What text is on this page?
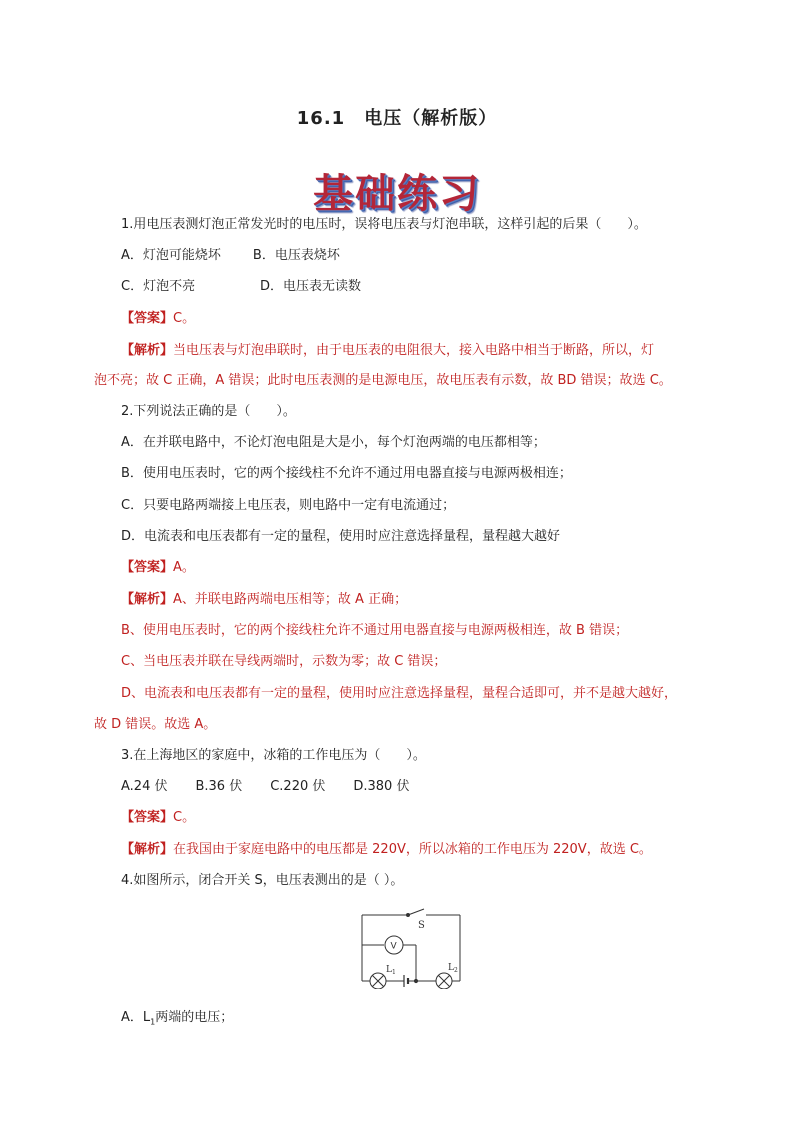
16.1　电压（解析版）
基础练习
1.用电压表测灯泡正常发光时的电压时，误将电压表与灯泡串联，这样引起的后果（　　）。
A．灯泡可能烧坏 B．电压表烧坏
C．灯泡不亮	D．电压表无读数
【答案】C。
【解析】当电压表与灯泡串联时，由于电压表的电阻很大，接入电路中相当于断路，所以，灯
泡不亮；故 C 正确，A 错误；此时电压表测的是电源电压，故电压表有示数，故 BD 错误；故选 C。
2.下列说法正确的是（　　）。
A．在并联电路中，不论灯泡电阻是大是小，每个灯泡两端的电压都相等；
B．使用电压表时，它的两个接线柱不允许不通过用电器直接与电源两极相连；
C．只要电路两端接上电压表，则电路中一定有电流通过；
D．电流表和电压表都有一定的量程，使用时应注意选择量程，量程越大越好
【答案】A。
【解析】A、并联电路两端电压相等；故 A 正确；
B、使用电压表时，它的两个接线柱允许不通过用电器直接与电源两极相连，故 B 错误；
C、当电压表并联在导线两端时，示数为零；故 C 错误；
D、电流表和电压表都有一定的量程，使用时应注意选择量程，量程合适即可，并不是越大越好，
故 D 错误。故选 A。
3.在上海地区的家庭中，冰箱的工作电压为（　　）。
A.24 伏 B.36 伏 C.220 伏 D.380 伏
【答案】C。
【解析】在我国由于家庭电路中的电压都是 220V，所以冰箱的工作电压为 220V，故选 C。
4.如图所示，闭合开关 S，电压表测出的是（ ）。
S
V
$L_1$	$L_2$
A．$L_1$两端的电压；
